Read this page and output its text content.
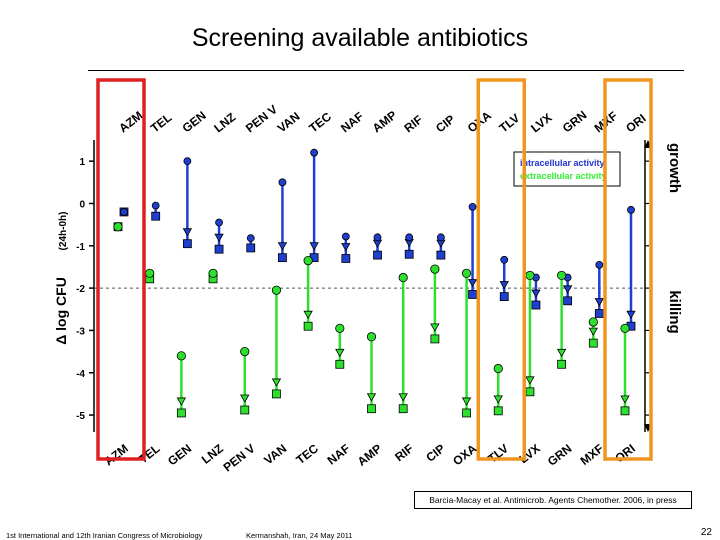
Screening available antibiotics
1
0
-1
-2
-3
-4
-5
Δ log CFU
(24h-0h)
AZM
AZM
TEL
TEL
GEN
GEN
LNZ
LNZ
PEN V
PEN V
VAN
VAN
TEC
TEC
NAF
NAF
AMP
AMP
RIF
RIF
CIP
CIP
OXA
OXA
TLV
TLV
LVX
LVX
GRN
GRN
MXF
MXF
ORI
ORI
growth
killing
intracellular activity
extracellular activity
Barcia-Macay et al. Antimicrob. Agents Chemother. 2006, in press
1st International and 12th Iranian Congress of Microbiology	Kermanshah, Iran, 24 May 2011	22
